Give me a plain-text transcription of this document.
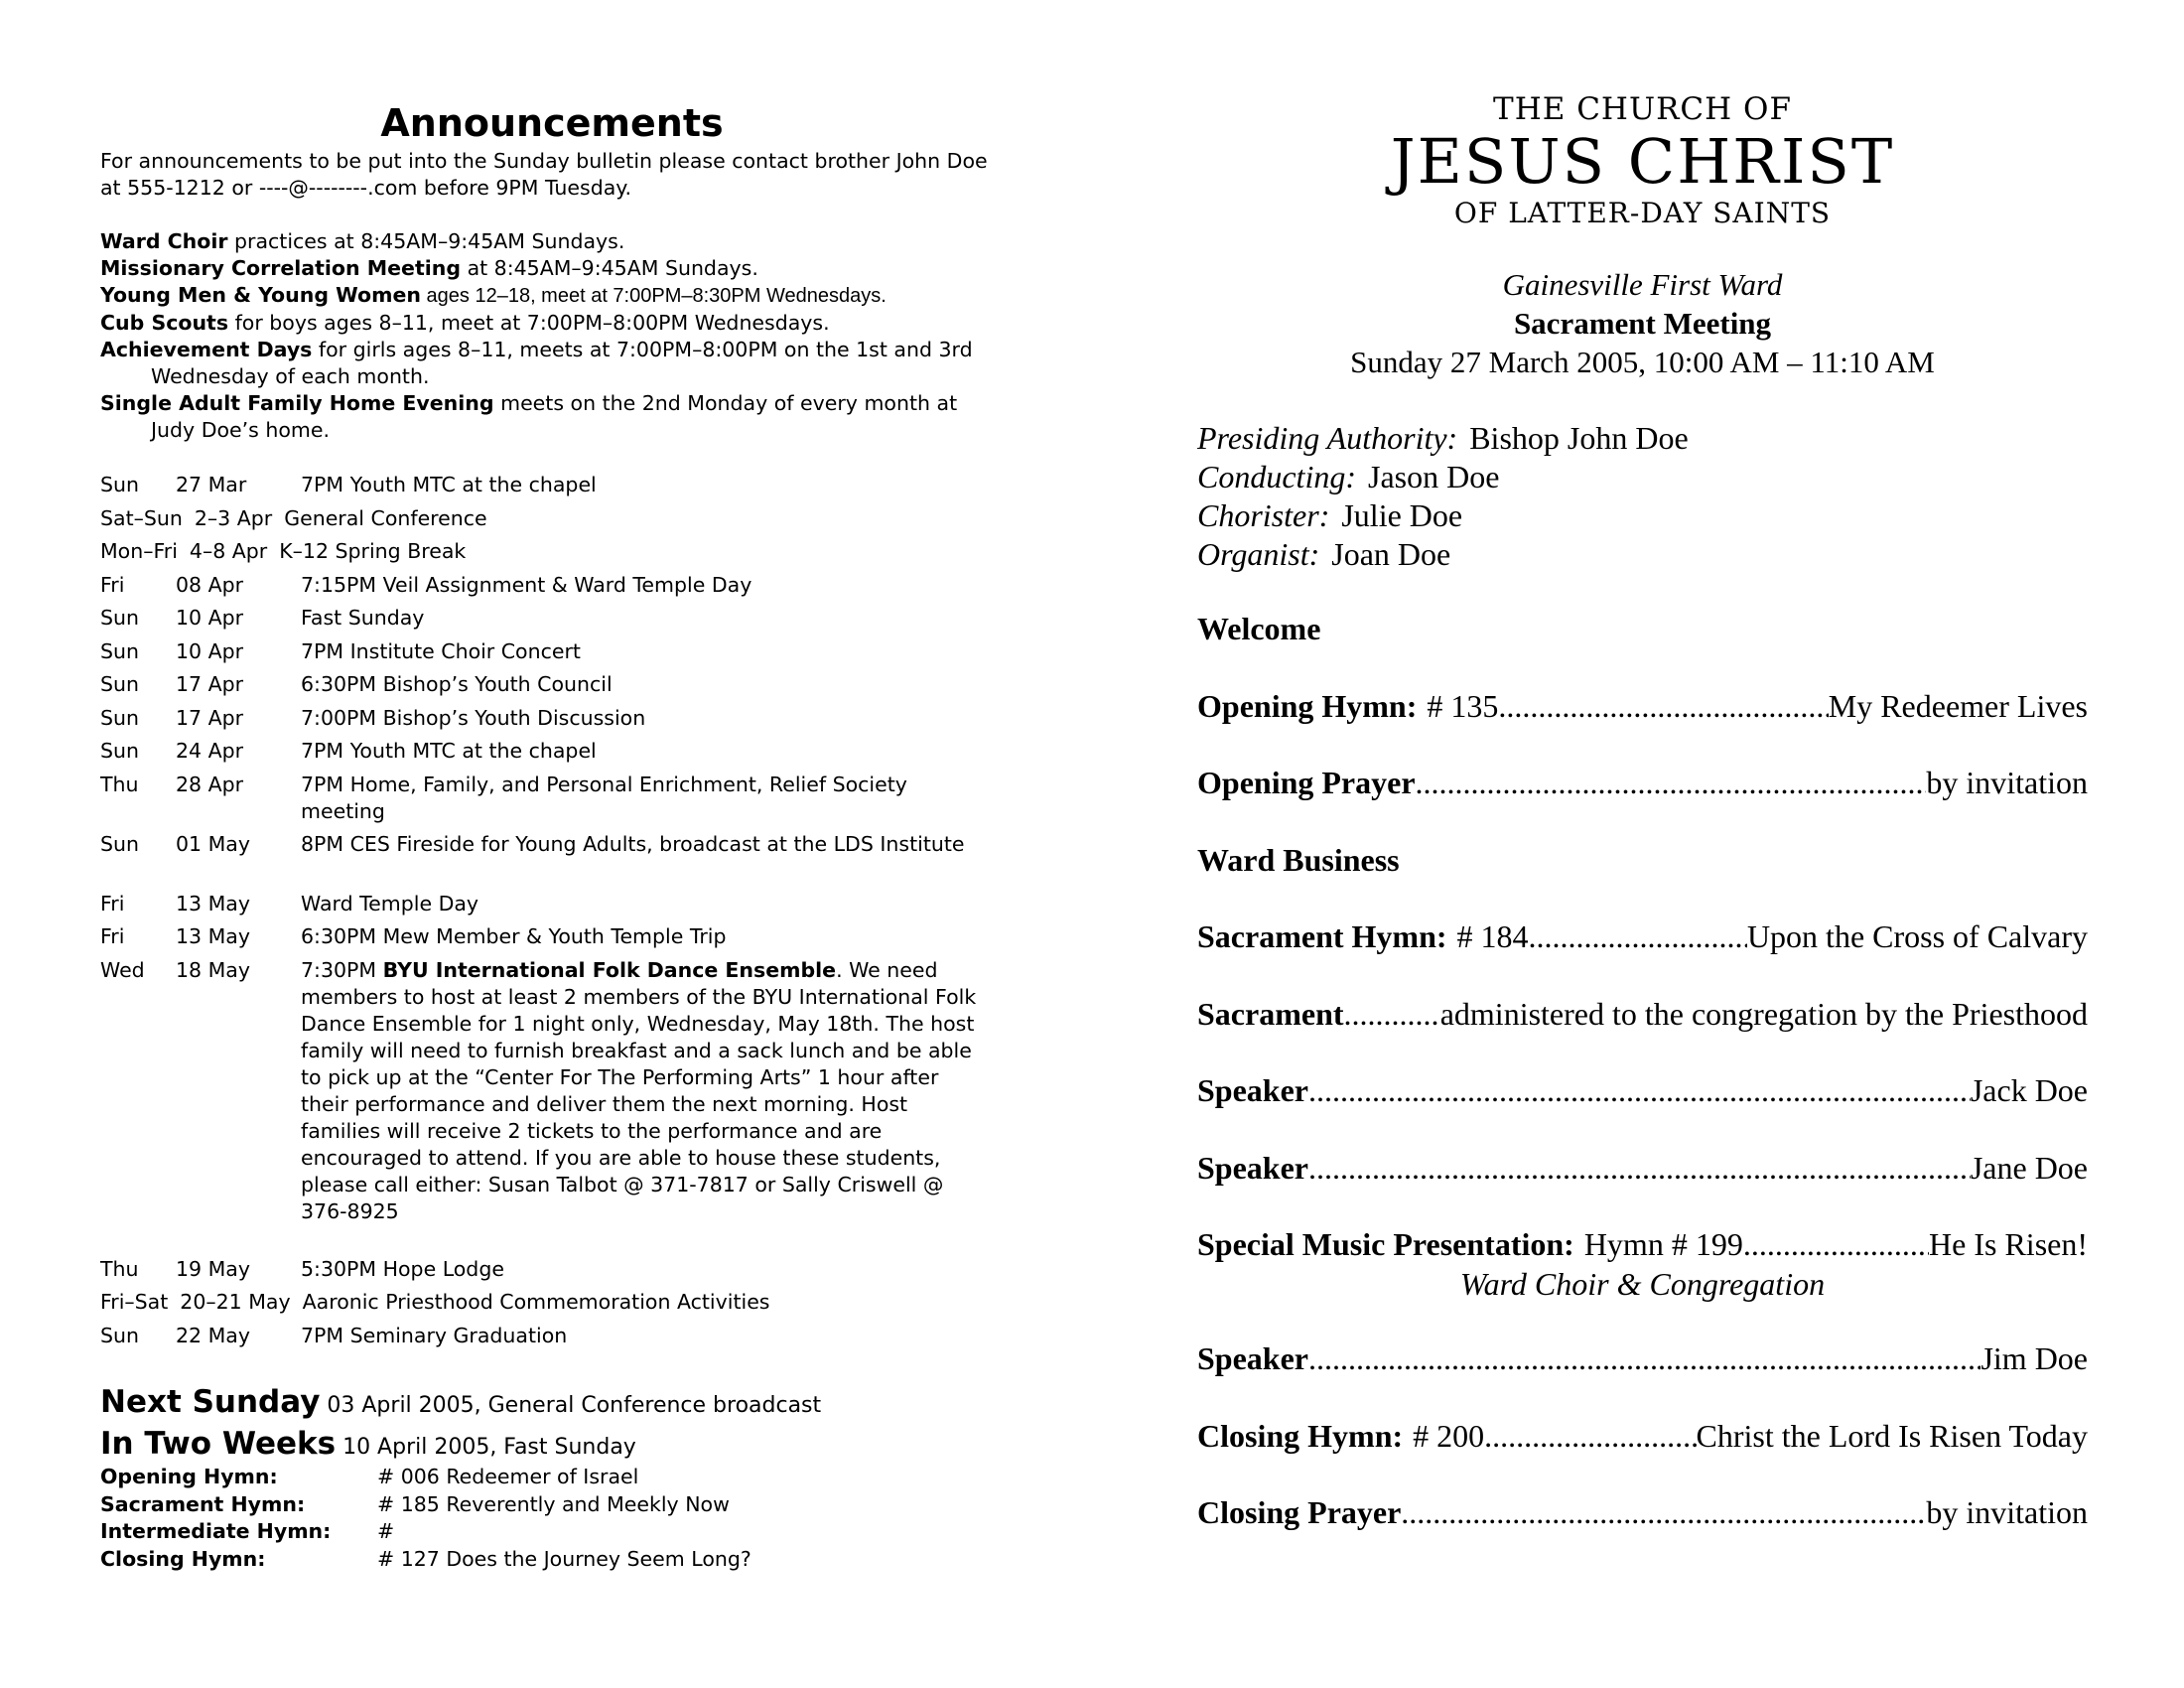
Announcements

For announcements to be put into the Sunday bulletin please contact brother John Doe at 555-1212 or ----@--------.com before 9PM Tuesday.

Ward Choir practices at 8:45AM–9:45AM Sundays.

Missionary Correlation Meeting at 8:45AM–9:45AM Sundays.

Young Men & Young Women ages 12–18, meet at 7:00PM–8:30PM Wednesdays.

Cub Scouts for boys ages 8–11, meet at 7:00PM–8:00PM Wednesdays.

Achievement Days for girls ages 8–11, meets at 7:00PM–8:00PM on the 1st and 3rd Wednesday of each month.

Single Adult Family Home Evening meets on the 2nd Monday of every month at Judy Doe’s home.

Sun	27 Mar	7PM Youth MTC at the chapel
Sat–Sun 2–3 Apr General Conference
Mon–Fri 4–8 Apr K–12 Spring Break
Fri	08 Apr	7:15PM Veil Assignment & Ward Temple Day
Sun	10 Apr	Fast Sunday
Sun	10 Apr	7PM Institute Choir Concert
Sun	17 Apr	6:30PM Bishop’s Youth Council
Sun	17 Apr	7:00PM Bishop’s Youth Discussion
Sun	24 Apr	7PM Youth MTC at the chapel
Thu	28 Apr	7PM Home, Family, and Personal Enrichment, Relief Society meeting
Sun	01 May	8PM CES Fireside for Young Adults, broadcast at the LDS Institute
Fri	13 May	Ward Temple Day
Fri	13 May	6:30PM Mew Member & Youth Temple Trip
Wed	18 May	7:30PM BYU International Folk Dance Ensemble. We need members to host at least 2 members of the BYU International Folk Dance Ensemble for 1 night only, Wednesday, May 18th. The host family will need to furnish breakfast and a sack lunch and be able to pick up at the “Center For The Performing Arts” 1 hour after their performance and deliver them the next morning. Host families will receive 2 tickets to the performance and are encouraged to attend. If you are able to house these students, please call either: Susan Talbot @ 371-7817 or Sally Criswell @ 376-8925
Thu	19 May	5:30PM Hope Lodge
Fri–Sat 20–21 May Aaronic Priesthood Commemoration Activities
Sun	22 May	7PM Seminary Graduation
Next Sunday 03 April 2005, General Conference broadcast
In Two Weeks 10 April 2005, Fast Sunday
Opening Hymn:	# 006 Redeemer of Israel
Sacrament Hymn:	# 185 Reverently and Meekly Now
Intermediate Hymn:	#
Closing Hymn:	# 127 Does the Journey Seem Long?
THE CHURCH OF
JESUS CHRIST
OF LATTER-DAY SAINTS
Gainesville First Ward
Sacrament Meeting
Sunday 27 March 2005, 10:00 AM – 11:10 AM
Presiding Authority: Bishop John Doe
Conducting: Jason Doe
Chorister: Julie Doe
Organist: Joan Doe
Welcome
Opening Hymn: # 135 .....	My Redeemer Lives
Opening Prayer .....	by invitation
Ward Business
Sacrament Hymn: # 184 .....	Upon the Cross of Calvary
Sacrament .....	administered to the congregation by the Priesthood
Speaker .....	Jack Doe
Speaker .....	Jane Doe
Special Music Presentation: Hymn # 199 .....	He Is Risen!
Ward Choir & Congregation
Speaker .....	Jim Doe
Closing Hymn: # 200 .....	Christ the Lord Is Risen Today
Closing Prayer .....	by invitation
